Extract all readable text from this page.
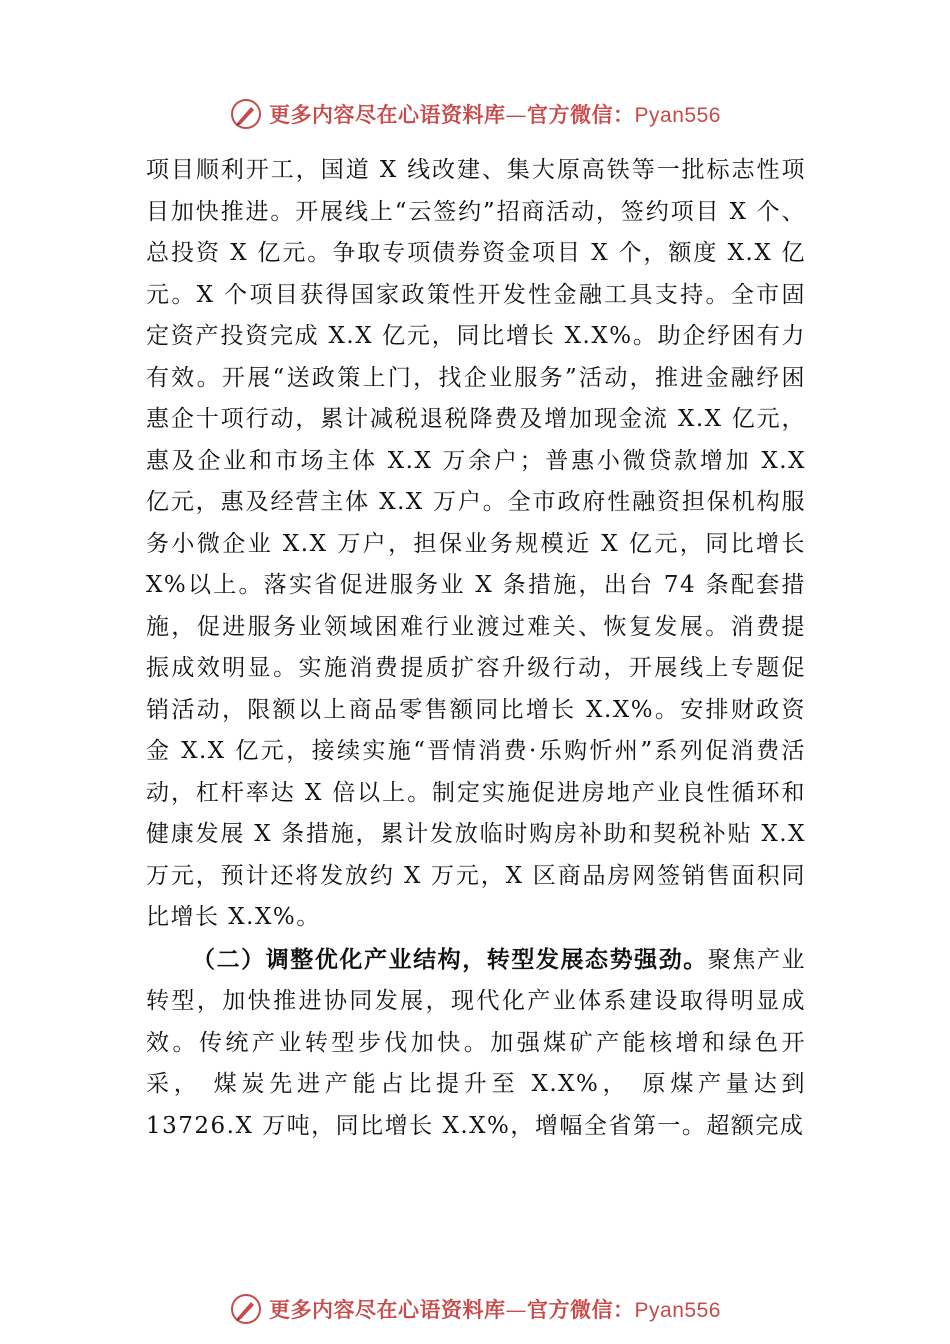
更多内容尽在心语资料库—官方微信：Pyan556

项目顺利开工，国道 X 线改建、集大原高铁等一批标志性项目加快推进。开展线上“云签约”招商活动，签约项目 X 个、总投资 X 亿元。争取专项债券资金项目 X 个，额度 X.X 亿元。X 个项目获得国家政策性开发性金融工具支持。全市固定资产投资完成 X.X 亿元，同比增长 X.X%。助企纾困有力有效。开展“送政策上门，找企业服务”活动，推进金融纾困惠企十项行动，累计减税退税降费及增加现金流 X.X 亿元，惠及企业和市场主体 X.X 万余户；普惠小微贷款增加 X.X 亿元，惠及经营主体 X.X 万户。全市政府性融资担保机构服务小微企业 X.X 万户，担保业务规模近 X 亿元，同比增长 X%以上。落实省促进服务业 X 条措施，出台 74 条配套措施，促进服务业领域困难行业渡过难关、恢复发展。消费提振成效明显。实施消费提质扩容升级行动，开展线上专题促销活动，限额以上商品零售额同比增长 X.X%。安排财政资金 X.X 亿元，接续实施“晋情消费·乐购忻州”系列促消费活动，杠杆率达 X 倍以上。制定实施促进房地产业良性循环和健康发展 X 条措施，累计发放临时购房补助和契税补贴 X.X 万元，预计还将发放约 X 万元，X 区商品房网签销售面积同比增长 X.X%。

（二）调整优化产业结构，转型发展态势强劲。聚焦产业转型，加快推进协同发展，现代化产业体系建设取得明显成效。传统产业转型步伐加快。加强煤矿产能核增和绿色开采， 煤炭先进产能占比提升至 X.X%， 原煤产量达到 13726.X 万吨，同比增长 X.X%，增幅全省第一。超额完成

更多内容尽在心语资料库—官方微信：Pyan556
